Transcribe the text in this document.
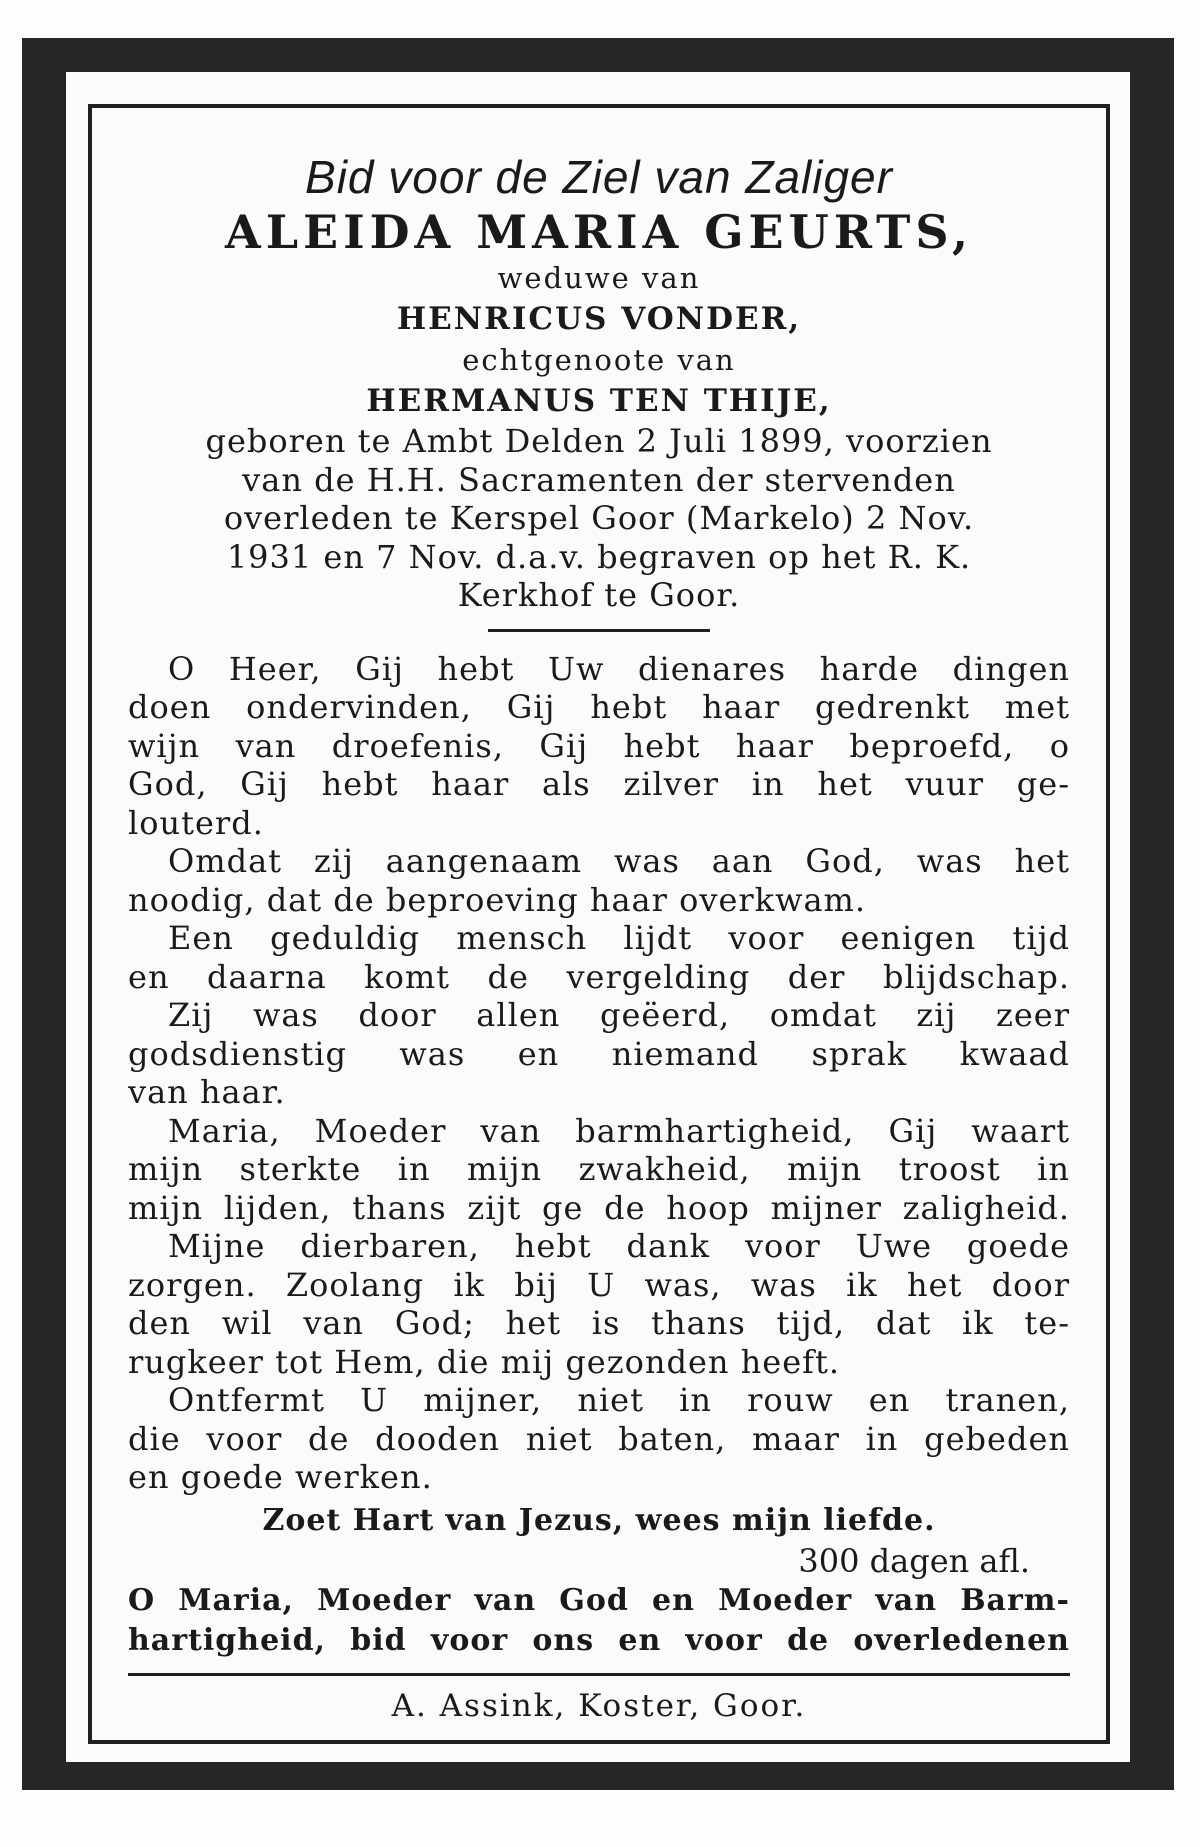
Bid voor de Ziel van Zaliger
ALEIDA MARIA GEURTS,
weduwe van
HENRICUS VONDER,
echtgenoote van
HERMANUS TEN THIJE,
geboren te Ambt Delden 2 Juli 1899, voorzien
van de H.H. Sacramenten der stervenden
overleden te Kerspel Goor (Markelo) 2 Nov.
1931 en 7 Nov. d.a.v. begraven op het R. K.
Kerkhof te Goor.
O Heer, Gij hebt Uw dienares harde dingen
doen ondervinden, Gij hebt haar gedrenkt met
wijn van droefenis, Gij hebt haar beproefd, o
God, Gij hebt haar als zilver in het vuur ge-
louterd.
Omdat zij aangenaam was aan God, was het
noodig, dat de beproeving haar overkwam.
Een geduldig mensch lijdt voor eenigen tijd
en daarna komt de vergelding der blijdschap.
Zij was door allen geëerd, omdat zij zeer
godsdienstig was en niemand sprak kwaad
van haar.
Maria, Moeder van barmhartigheid, Gij waart
mijn sterkte in mijn zwakheid, mijn troost in
mijn lijden, thans zijt ge de hoop mijner zaligheid.
Mijne dierbaren, hebt dank voor Uwe goede
zorgen. Zoolang ik bij U was, was ik het door
den wil van God; het is thans tijd, dat ik te-
rugkeer tot Hem, die mij gezonden heeft.
Ontfermt U mijner, niet in rouw en tranen,
die voor de dooden niet baten, maar in gebeden
en goede werken.
Zoet Hart van Jezus, wees mijn liefde.
300 dagen afl.
O Maria, Moeder van God en Moeder van Barm-
hartigheid, bid voor ons en voor de overledenen
A. Assink, Koster, Goor.
